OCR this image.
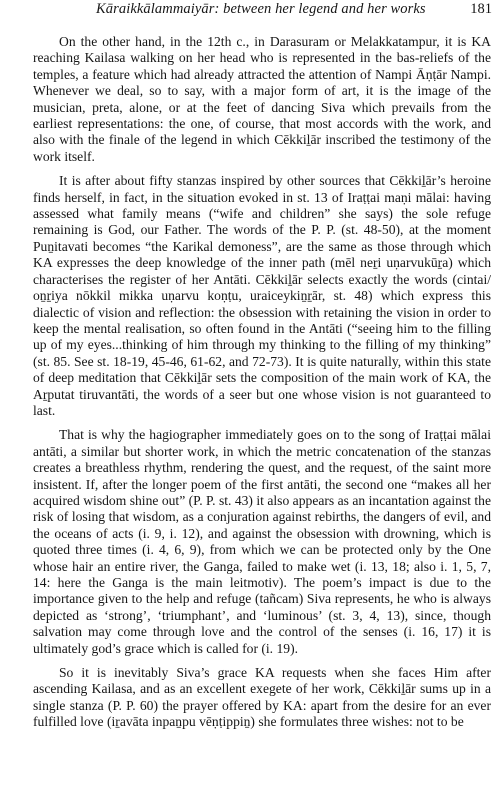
Kāraikkālammaiyār: between her legend and her works	181

On the other hand, in the 12th c., in Darasuram or Melakkatampur, it is KA reaching Kailasa walking on her head who is represented in the bas-reliefs of the temples, a feature which had already attracted the attention of Nampi Āṇṭār Nampi. Whenever we deal, so to say, with a major form of art, it is the image of the musician, preta, alone, or at the feet of dancing Siva which prevails from the earliest representations: the one, of course, that most accords with the work, and also with the finale of the legend in which Cēkkiḻār inscribed the testimony of the work itself.

It is after about fifty stanzas inspired by other sources that Cēkkiḻār’s heroine finds herself, in fact, in the situation evoked in st. 13 of Iraṭṭai maṇi mālai: having assessed what family means (“wife and children” she says) the sole refuge remaining is God, our Father. The words of the P. P. (st. 48-50), at the moment Puṉitavati becomes “the Karikal demoness”, are the same as those through which KA expresses the deep knowledge of the inner path (mēl neṟi uṇarvukūṟa) which characterises the register of her Antāti. Cēkkiḻār selects exactly the words (cintai/ oṉṟiya nōkkil mikka uṇarvu koṇṭu, uraiceykiṉṟār, st. 48) which express this dialectic of vision and reflection: the obsession with retaining the vision in order to keep the mental realisation, so often found in the Antāti (“seeing him to the filling up of my eyes...thinking of him through my thinking to the filling of my thinking” (st. 85. See st. 18-19, 45-46, 61-62, and 72-73). It is quite naturally, within this state of deep meditation that Cēkkiḻār sets the composition of the main work of KA, the Aṟputat tiruvantāti, the words of a seer but one whose vision is not guaranteed to last.

That is why the hagiographer immediately goes on to the song of Iraṭṭai mālai antāti, a similar but shorter work, in which the metric concatenation of the stanzas creates a breathless rhythm, rendering the quest, and the request, of the saint more insistent. If, after the longer poem of the first antāti, the second one “makes all her acquired wisdom shine out” (P. P. st. 43) it also appears as an incantation against the risk of losing that wisdom, as a conjuration against rebirths, the dangers of evil, and the oceans of acts (i. 9, i. 12), and against the obsession with drowning, which is quoted three times (i. 4, 6, 9), from which we can be protected only by the One whose hair an entire river, the Ganga, failed to make wet (i. 13, 18; also i. 1, 5, 7, 14: here the Ganga is the main leitmotiv). The poem’s impact is due to the importance given to the help and refuge (tañcam) Siva represents, he who is always depicted as ‘strong’, ‘triumphant’, and ‘luminous’ (st. 3, 4, 13), since, though salvation may come through love and the control of the senses (i. 16, 17) it is ultimately god’s grace which is called for (i. 19).

So it is inevitably Siva’s grace KA requests when she faces Him after ascending Kailasa, and as an excellent exegete of her work, Cēkkiḻār sums up in a single stanza (P. P. 60) the prayer offered by KA: apart from the desire for an ever fulfilled love (iṟavāta inpaṉpu vēṇṭippiṉ) she formulates three wishes: not to be
